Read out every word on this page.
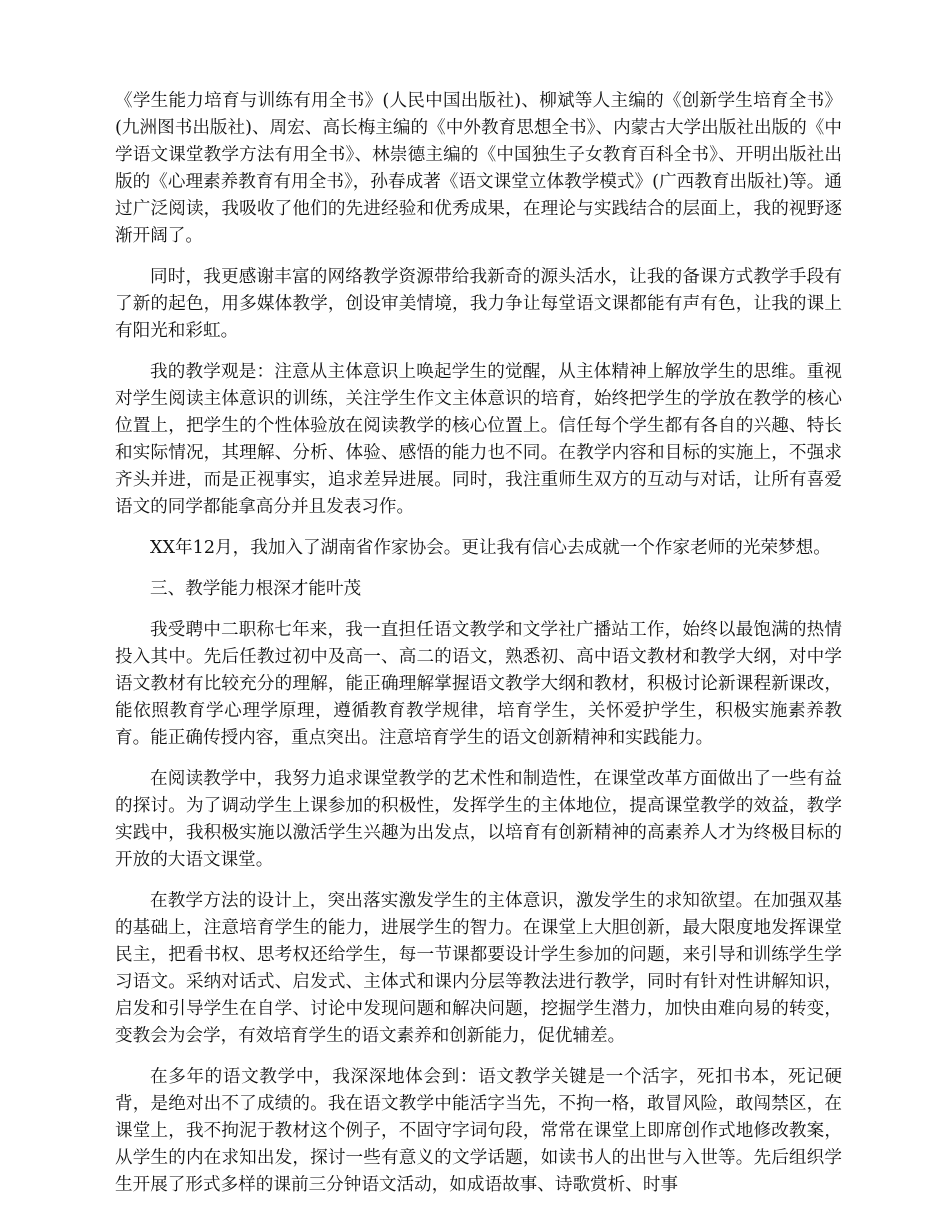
《学生能力培育与训练有用全书》(人民中国出版社)、柳斌等人主编的《创新学生培育全书》(九洲图书出版社)、周宏、高长梅主编的《中外教育思想全书》、内蒙古大学出版社出版的《中学语文课堂教学方法有用全书》、林崇德主编的《中国独生子女教育百科全书》、开明出版社出版的《心理素养教育有用全书》，孙春成著《语文课堂立体教学模式》(广西教育出版社)等。通过广泛阅读，我吸收了他们的先进经验和优秀成果，在理论与实践结合的层面上，我的视野逐渐开阔了。

同时，我更感谢丰富的网络教学资源带给我新奇的源头活水，让我的备课方式教学手段有了新的起色，用多媒体教学，创设审美情境，我力争让每堂语文课都能有声有色，让我的课上有阳光和彩虹。

我的教学观是：注意从主体意识上唤起学生的觉醒，从主体精神上解放学生的思维。重视对学生阅读主体意识的训练，关注学生作文主体意识的培育，始终把学生的学放在教学的核心位置上，把学生的个性体验放在阅读教学的核心位置上。信任每个学生都有各自的兴趣、特长和实际情况，其理解、分析、体验、感悟的能力也不同。在教学内容和目标的实施上，不强求齐头并进，而是正视事实，追求差异进展。同时，我注重师生双方的互动与对话，让所有喜爱语文的同学都能拿高分并且发表习作。

XX年12月，我加入了湖南省作家协会。更让我有信心去成就一个作家老师的光荣梦想。

三、教学能力根深才能叶茂

我受聘中二职称七年来，我一直担任语文教学和文学社广播站工作，始终以最饱满的热情投入其中。先后任教过初中及高一、高二的语文，熟悉初、高中语文教材和教学大纲，对中学语文教材有比较充分的理解，能正确理解掌握语文教学大纲和教材，积极讨论新课程新课改，能依照教育学心理学原理，遵循教育教学规律，培育学生，关怀爱护学生，积极实施素养教育。能正确传授内容，重点突出。注意培育学生的语文创新精神和实践能力。

在阅读教学中，我努力追求课堂教学的艺术性和制造性，在课堂改革方面做出了一些有益的探讨。为了调动学生上课参加的积极性，发挥学生的主体地位，提高课堂教学的效益，教学实践中，我积极实施以激活学生兴趣为出发点，以培育有创新精神的高素养人才为终极目标的开放的大语文课堂。

在教学方法的设计上，突出落实激发学生的主体意识，激发学生的求知欲望。在加强双基的基础上，注意培育学生的能力，进展学生的智力。在课堂上大胆创新，最大限度地发挥课堂民主，把看书权、思考权还给学生，每一节课都要设计学生参加的问题，来引导和训练学生学习语文。采纳对话式、启发式、主体式和课内分层等教法进行教学，同时有针对性讲解知识，启发和引导学生在自学、讨论中发现问题和解决问题，挖掘学生潜力，加快由难向易的转变，变教会为会学，有效培育学生的语文素养和创新能力，促优辅差。

在多年的语文教学中，我深深地体会到：语文教学关键是一个活字，死扣书本，死记硬背，是绝对出不了成绩的。我在语文教学中能活字当先，不拘一格，敢冒风险，敢闯禁区，在课堂上，我不拘泥于教材这个例子，不固守字词句段，常常在课堂上即席创作式地修改教案，从学生的内在求知出发，探讨一些有意义的文学话题，如读书人的出世与入世等。先后组织学生开展了形式多样的课前三分钟语文活动，如成语故事、诗歌赏析、时事
